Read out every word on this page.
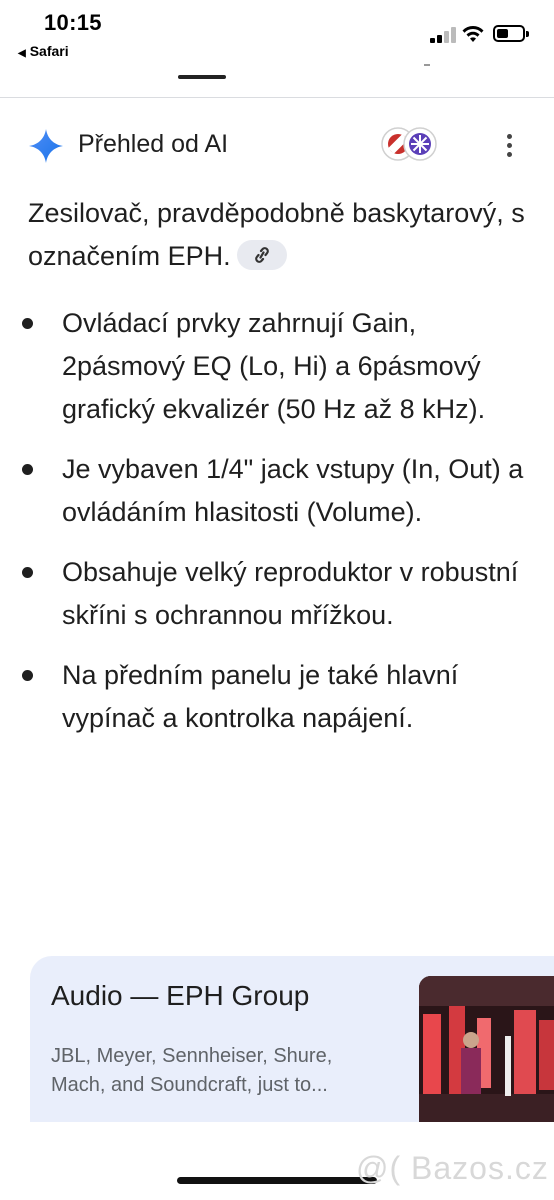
10:15
◀ Safari
Přehled od AI
Zesilovač, pravděpodobně baskytarový, s označením EPH.
Ovládací prvky zahrnují Gain, 2pásmový EQ (Lo, Hi) a 6pásmový grafický ekvalizér (50 Hz až 8 kHz).
Je vybaven 1/4" jack vstupy (In, Out) a ovládáním hlasitosti (Volume).
Obsahuje velký reproduktor v robustní skříni s ochrannou mřížkou.
Na předním panelu je také hlavní vypínač a kontrolka napájení.
Audio — EPH Group
JBL, Meyer, Sennheiser, Shure, Mach, and Soundcraft, just to...
@( Bazos.cz
